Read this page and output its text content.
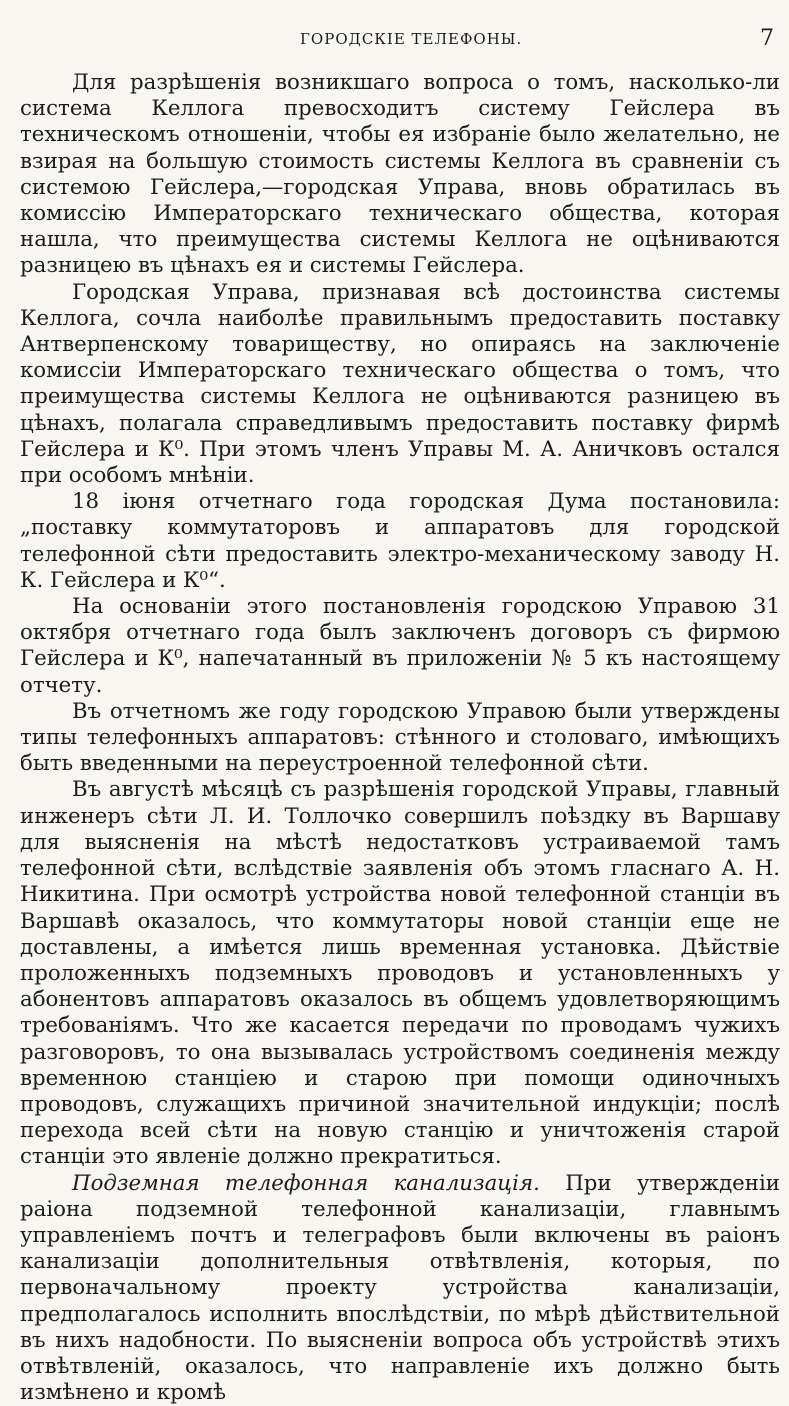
ГОРОДСКІЕ ТЕЛЕФОНЫ.	7

Для разрѣшенія возникшаго вопроса о томъ, насколько-ли система Келлога превосходитъ систему Гейслера въ техническомъ отношеніи, чтобы ея избраніе было желательно, не взирая на большую стоимость системы Келлога въ сравненіи съ системою Гейслера,—городская Управа, вновь обратилась въ комиссію Императорскаго техническаго общества, которая нашла, что преимущества системы Келлога не оцѣниваются разницею въ цѣнахъ ея и системы Гейслера.

Городская Управа, признавая всѣ достоинства системы Келлога, сочла наиболѣе правильнымъ предоставить поставку Антверпенскому товариществу, но опираясь на заключеніе комиссіи Императорскаго техническаго общества о томъ, что преимущества системы Келлога не оцѣниваются разницею въ цѣнахъ, полагала справедливымъ предоставить поставку фирмѣ Гейслера и К⁰. При этомъ членъ Управы М. А. Аничковъ остался при особомъ мнѣніи.

18 іюня отчетнаго года городская Дума постановила: „поставку коммутаторовъ и аппаратовъ для городской телефонной сѣти предоставить электро-механическому заводу Н. К. Гейслера и К⁰“.

На основаніи этого постановленія городскою Управою 31 октября отчетнаго года былъ заключенъ договоръ съ фирмою Гейслера и К⁰, напечатанный въ приложеніи № 5 къ настоящему отчету.

Въ отчетномъ же году городскою Управою были утверждены типы телефонныхъ аппаратовъ: стѣнного и столоваго, имѣющихъ быть введенными на переустроенной телефонной сѣти.

Въ августѣ мѣсяцѣ съ разрѣшенія городской Управы, главный инженеръ сѣти Л. И. Толлочко совершилъ поѣздку въ Варшаву для выясненія на мѣстѣ недостатковъ устраиваемой тамъ телефонной сѣти, вслѣдствіе заявленія объ этомъ гласнаго А. Н. Никитина. При осмотрѣ устройства новой телефонной станціи въ Варшавѣ оказалось, что коммутаторы новой станціи еще не доставлены, а имѣется лишь временная установка. Дѣйствіе проложенныхъ подземныхъ проводовъ и установленныхъ у абонентовъ аппаратовъ оказалось въ общемъ удовлетворяющимъ требованіямъ. Что же касается передачи по проводамъ чужихъ разговоровъ, то она вызывалась устройствомъ соединенія между временною станціею и старою при помощи одиночныхъ проводовъ, служащихъ причиной значительной индукціи; послѣ перехода всей сѣти на новую станцію и уничтоженія старой станціи это явленіе должно прекратиться.

Подземная телефонная канализація. При утвержденіи раіона подземной телефонной канализаціи, главнымъ управленіемъ почтъ и телеграфовъ были включены въ раіонъ канализаціи дополнительныя отвѣтвленія, которыя, по первоначальному проекту устройства канализаціи, предполагалось исполнить впослѣдствіи, по мѣрѣ дѣйствительной въ нихъ надобности. По выясненіи вопроса объ устройствѣ этихъ отвѣтвленій, оказалось, что направленіе ихъ должно быть измѣнено и кромѣ
